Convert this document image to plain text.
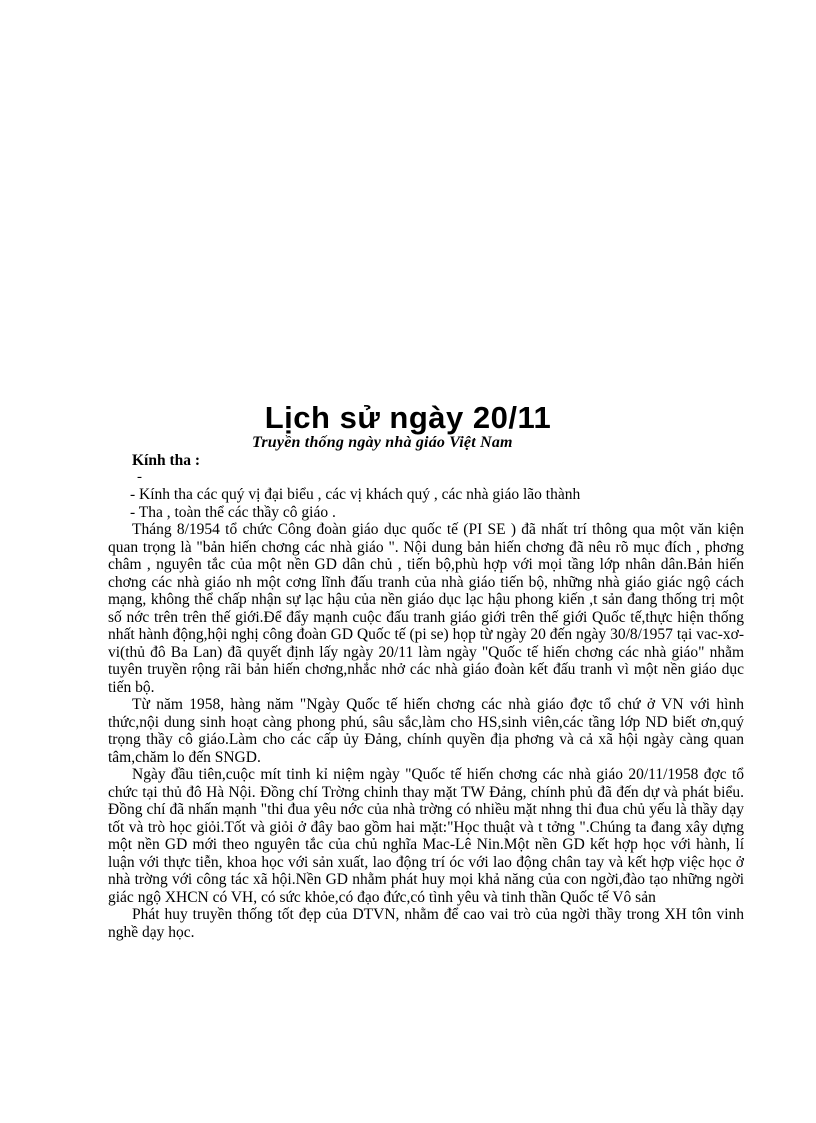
Lịch sử ngày 20/11
Truyền thống ngày nhà giáo Việt Nam
Kính tha :
-

- Kính tha các quý vị đại biểu , các vị khách quý , các nhà giáo lão thành

- Tha , toàn thể các thầy cô giáo .

Tháng 8/1954 tổ chức Công đoàn giáo dục quốc tế (PI SE ) đã nhất trí thông qua một văn kiện quan trọng là "bản hiến chơng các nhà giáo ". Nội dung bản hiến chơng đã nêu rõ mục đích , phơng châm , nguyên tắc của một nền GD dân chủ , tiến bộ,phù hợp với mọi tầng lớp nhân dân.Bản hiến chơng các nhà giáo nh một cơng lĩnh đấu tranh của nhà giáo tiến bộ, những nhà giáo giác ngộ cách mạng, không thể chấp nhận sự lạc hậu của nền giáo dục lạc hậu phong kiến ,t sản đang thống trị một số nớc trên trên thế giới.Để đẩy mạnh cuộc đấu tranh giáo giới trên thế giới Quốc tế,thực hiện thống nhất hành động,hội nghị công đoàn GD Quốc tế (pi se) họp từ ngày 20 đến ngày 30/8/1957 tại vac-xơ-vi(thủ đô Ba Lan) đã quyết định lấy ngày 20/11 làm ngày "Quốc tế hiến chơng các nhà giáo" nhằm tuyên truyền rộng rãi bản hiến chơng,nhắc nhở các nhà giáo đoàn kết đấu tranh vì một nền giáo dục tiến bộ.

Từ năm 1958, hàng năm "Ngày Quốc tế hiến chơng các nhà giáo đợc tổ chứ ở VN với hình thức,nội dung sinh hoạt càng phong phú, sâu sắc,làm cho HS,sinh viên,các tầng lớp ND biết ơn,quý trọng thầy cô giáo.Làm cho các cấp ủy Đảng, chính quyền địa phơng và cả xã hội ngày càng quan tâm,chăm lo đến SNGD.

Ngày đầu tiên,cuộc mít tinh kỉ niệm ngày "Quốc tế hiến chơng các nhà giáo 20/11/1958 đợc tổ chức tại thủ đô Hà Nội. Đồng chí Trờng chinh thay mặt TW Đảng, chính phủ đã đến dự và phát biểu. Đồng chí đã nhấn mạnh "thi đua yêu nớc của nhà trờng có nhiều mặt nhng thi đua chủ yếu là thầy dạy tốt và trò học giỏi.Tốt và giỏi ở đây bao gồm hai mặt:"Học thuật và t tởng ".Chúng ta đang xây dựng một nền GD mới theo nguyên tắc của chủ nghĩa Mac-Lê Nin.Một nền GD kết hợp học với hành, lí luận với thực tiễn, khoa học với sản xuất, lao động trí óc với lao động chân tay và kết hợp việc học ở nhà trờng với công tác xã hội.Nền GD nhằm phát huy mọi khả năng của con ngời,đào tạo những ngời giác ngộ XHCN có VH, có sức khỏe,có đạo đức,có tình yêu và tinh thần Quốc tế Vô sản

Phát huy truyền thống tốt đẹp của DTVN, nhằm để cao vai trò của ngời thầy trong XH tôn vinh nghề dạy học.
